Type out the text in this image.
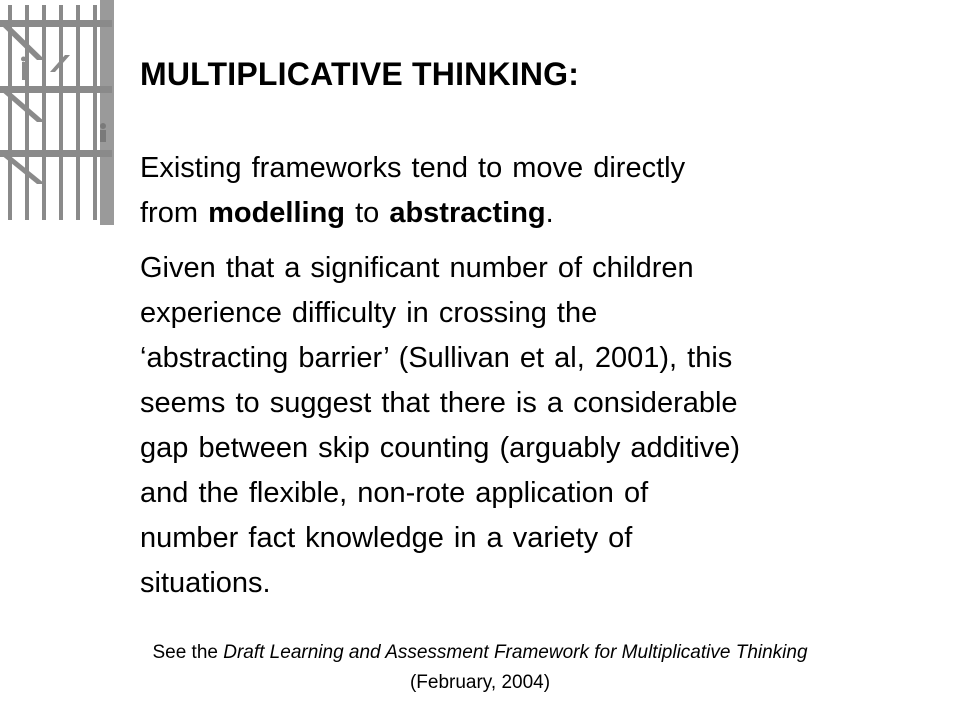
MULTIPLICATIVE THINKING:
Existing frameworks tend to move directly
from modelling to abstracting.
Given that a significant number of children
experience difficulty in crossing the
‘abstracting barrier’ (Sullivan et al, 2001), this
seems to suggest that there is a considerable
gap between skip counting (arguably additive)
and the flexible, non-rote application of
number fact knowledge in a variety of
situations.
See the Draft Learning and Assessment Framework for Multiplicative Thinking
(February, 2004)
